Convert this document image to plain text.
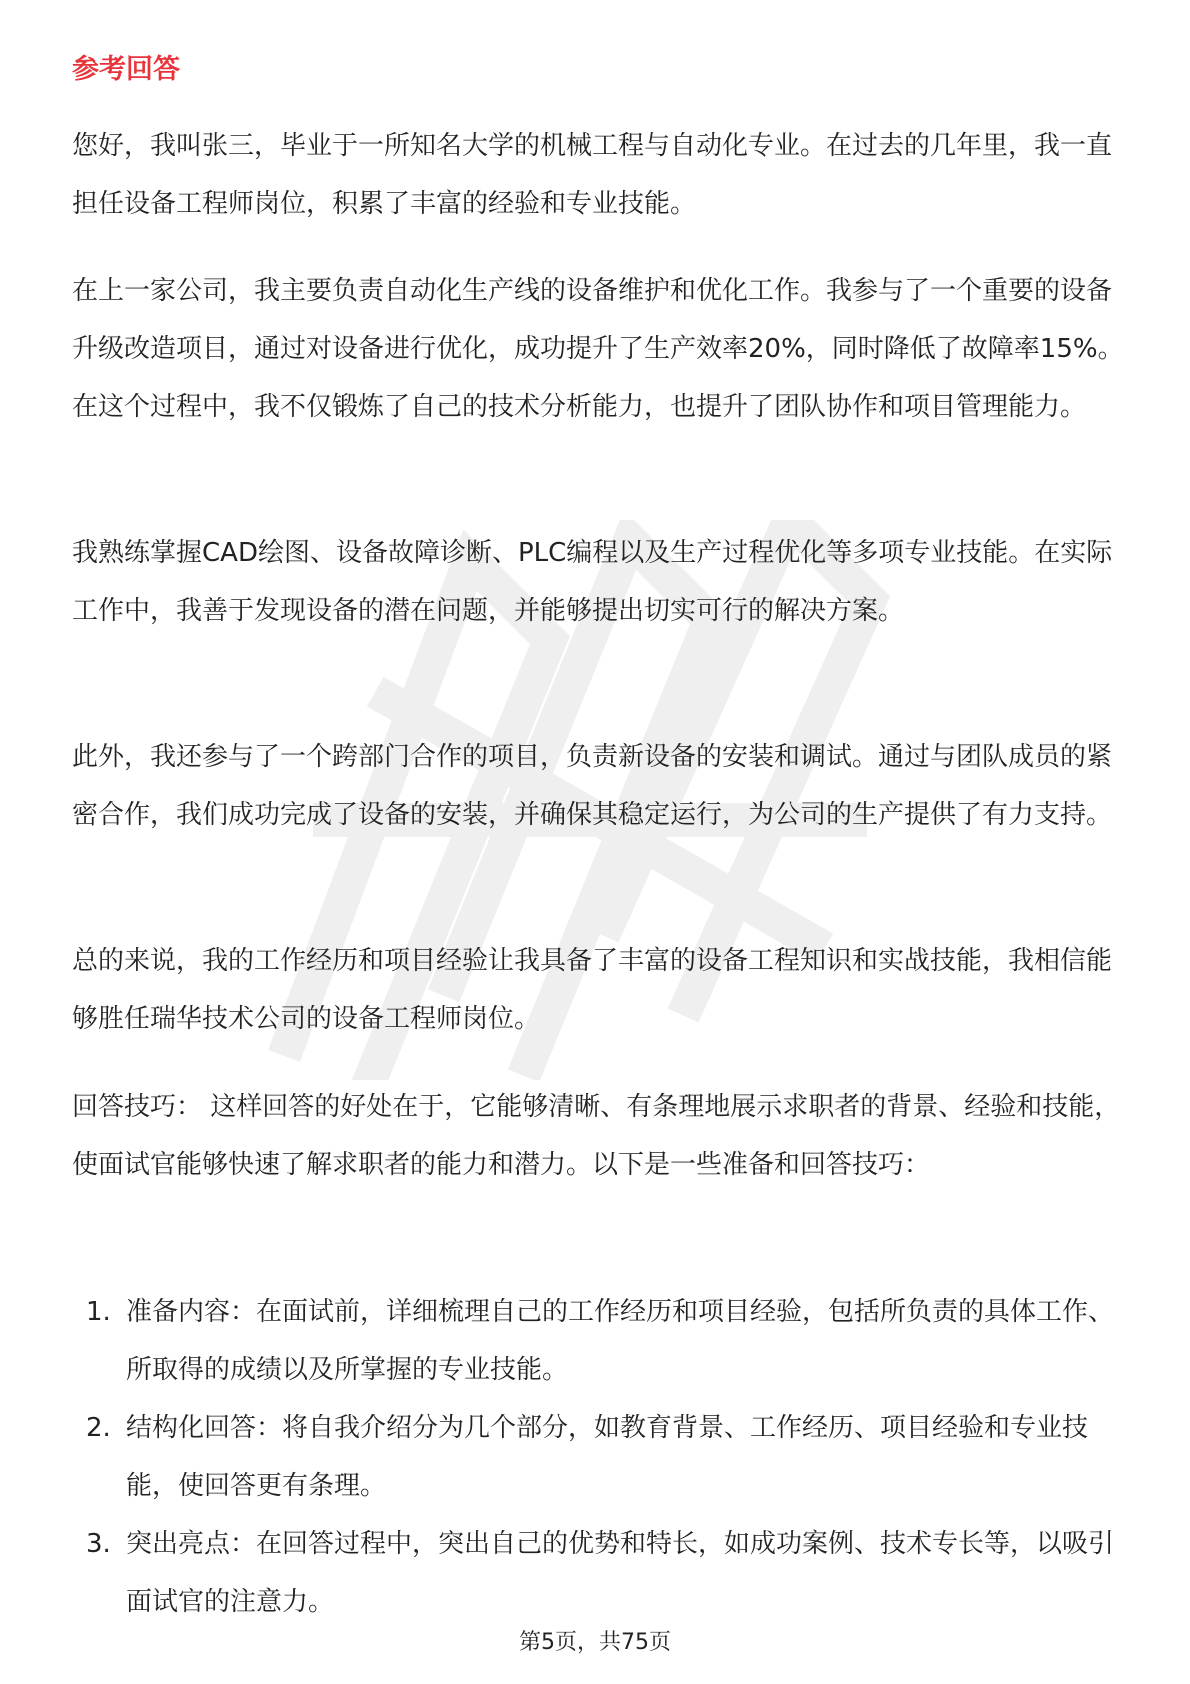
参考回答

您好，我叫张三，毕业于一所知名大学的机械工程与自动化专业。在过去的几年里，我一直担任设备工程师岗位，积累了丰富的经验和专业技能。

在上一家公司，我主要负责自动化生产线的设备维护和优化工作。我参与了一个重要的设备升级改造项目，通过对设备进行优化，成功提升了生产效率20%，同时降低了故障率15%。在这个过程中，我不仅锻炼了自己的技术分析能力，也提升了团队协作和项目管理能力。

我熟练掌握CAD绘图、设备故障诊断、PLC编程以及生产过程优化等多项专业技能。在实际工作中，我善于发现设备的潜在问题，并能够提出切实可行的解决方案。

此外，我还参与了一个跨部门合作的项目，负责新设备的安装和调试。通过与团队成员的紧密合作，我们成功完成了设备的安装，并确保其稳定运行，为公司的生产提供了有力支持。

总的来说，我的工作经历和项目经验让我具备了丰富的设备工程知识和实战技能，我相信能够胜任瑞华技术公司的设备工程师岗位。

回答技巧： 这样回答的好处在于，它能够清晰、有条理地展示求职者的背景、经验和技能，使面试官能够快速了解求职者的能力和潜力。以下是一些准备和回答技巧：

1. 准备内容：在面试前，详细梳理自己的工作经历和项目经验，包括所负责的具体工作、所取得的成绩以及所掌握的专业技能。
2. 结构化回答：将自我介绍分为几个部分，如教育背景、工作经历、项目经验和专业技能，使回答更有条理。
3. 突出亮点：在回答过程中，突出自己的优势和特长，如成功案例、技术专长等，以吸引面试官的注意力。
第5页，共75页
